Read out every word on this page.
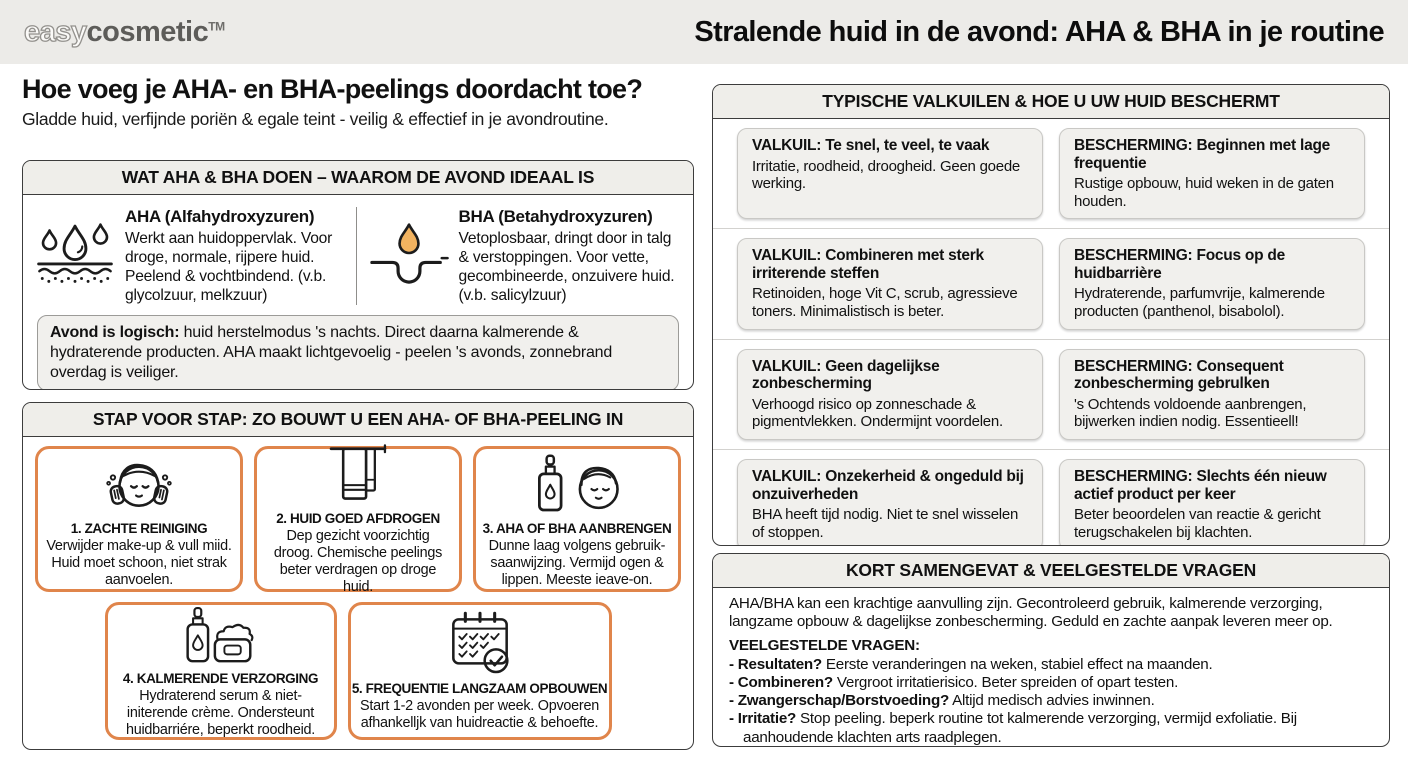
easycosmetic™	Stralende huid in de avond: AHA & BHA in je routine
Hoe voeg je AHA- en BHA-peelings doordacht toe?
Gladde huid, verfijnde poriën & egale teint - veilig & effectief in je avondroutine.
WAT AHA & BHA DOEN – WAAROM DE AVOND IDEAAL IS
AHA (Alfahydroxyzuren)
Werkt aan huidoppervlak. Voor droge, normale, rijpere huid. Peelend & vochtbindend. (v.b. glycolzuur, melkzuur)
BHA (Betahydroxyzuren)
Vetoplosbaar, dringt door in talg & verstoppingen. Voor vette, gecombineerde, onzuivere huid. (v.b. salicylzuur)
Avond is logisch: huid herstelmodus 's nachts. Direct daarna kalmerende & hydraterende producten. AHA maakt lichtgevoelig - peelen 's avonds, zonnebrand overdag is veiliger.
STAP VOOR STAP: ZO BOUWT U EEN AHA- OF BHA-PEELING IN
1. ZACHTE REINIGING
Verwijder make-up & vull miid. Huid moet schoon, niet strak aanvoelen.
2. HUID GOED AFDROGEN
Dep gezicht voorzichtig droog. Chemische peelings beter verdragen op droge huid.
3. AHA OF BHA AANBRENGEN
Dunne laag volgens gebruiksaanwijzing. Vermijd ogen & lippen. Meeste ieave-on.
4. KALMERENDE VERZORGING
Hydraterend serum & niet-initerende crème. Ondersteunt huidbarriére, beperkt roodheid.
5. FREQUENTIE LANGZAAM OPBOUWEN
Start 1-2 avonden per week. Opvoeren afhankelljk van huidreactie & behoefte.
TYPISCHE VALKUILEN & HOE U UW HUID BESCHERMT
VALKUIL: Te snel, te veel, te vaak
Irritatie, roodheid, droogheid. Geen goede werking.
BESCHERMING: Beginnen met lage frequentie
Rustige opbouw, huid weken in de gaten houden.
VALKUIL: Combineren met sterk irriterende steffen
Retinoiden, hoge Vit C, scrub, agressieve toners. Minimalistisch is beter.
BESCHERMING: Focus op de huidbarrière
Hydraterende, parfumvrije, kalmerende producten (panthenol, bisabolol).
VALKUIL: Geen dagelijkse zonbescherming
Verhoogd risico op zonneschade & pigmentvlekken. Ondermijnt voordelen.
BESCHERMING: Consequent zonbescherming gebrulken
's Ochtends voldoende aanbrengen, bijwerken indien nodig. Essentieell!
VALKUIL: Onzekerheid & ongeduld bij onzuiverheden
BHA heeft tijd nodig. Niet te snel wisselen of stoppen.
BESCHERMING: Slechts één nieuw actief product per keer
Beter beoordelen van reactie & gericht terugschakelen bij klachten.
KORT SAMENGEVAT & VEELGESTELDE VRAGEN
AHA/BHA kan een krachtige aanvulling zijn. Gecontroleerd gebruik, kalmerende verzorging, langzame opbouw & dagelijkse zonbescherming. Geduld en zachte aanpak leveren meer op.
VEELGESTELDE VRAGEN:
- Resultaten? Eerste veranderingen na weken, stabiel effect na maanden.
- Combineren? Vergroot irritatierisico. Beter spreiden of opart testen.
- Zwangerschap/Borstvoeding? Altijd medisch advies inwinnen.
- Irritatie? Stop peeling. beperk routine tot kalmerende verzorging, vermijd exfoliatie. Bij aanhoudende klachten arts raadplegen.
